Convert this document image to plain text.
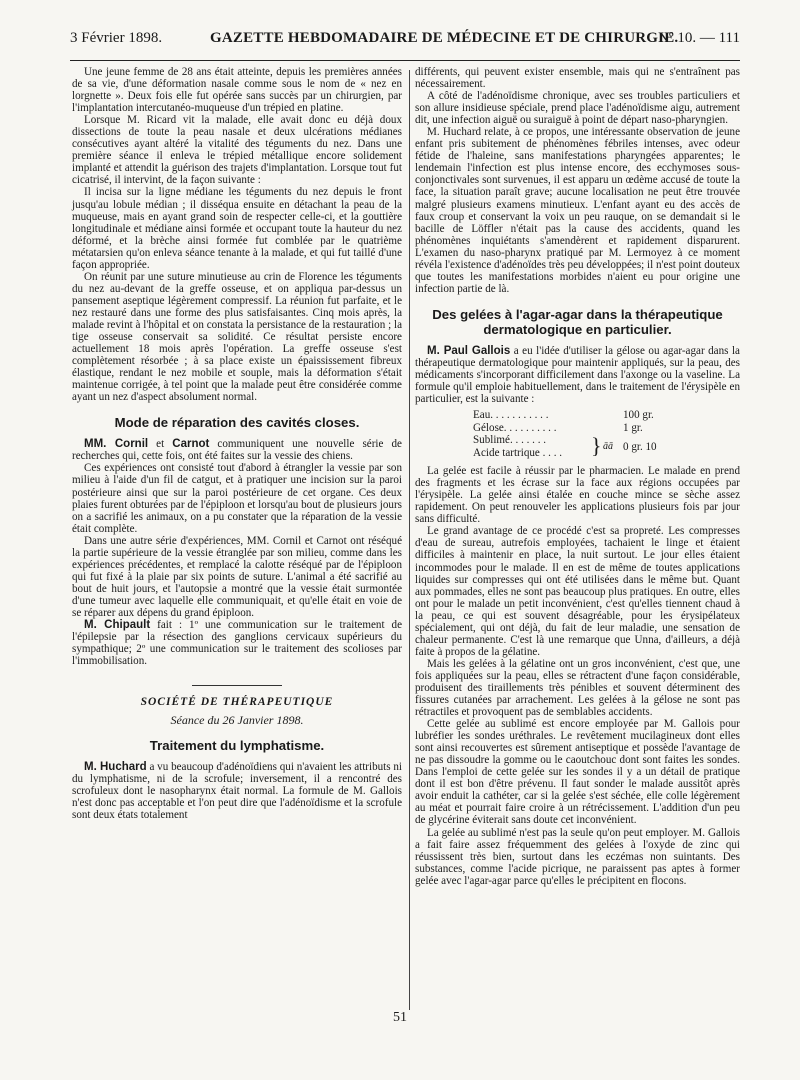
3 Février 1898.	GAZETTE HEBDOMADAIRE DE MÉDECINE ET DE CHIRURGIE.
Nº 10. — 111

Une jeune femme de 28 ans était atteinte, depuis les premières années de sa vie, d'une déformation nasale comme sous le nom de « nez en lorgnette ». Deux fois elle fut opérée sans succès par un chirurgien, par l'implantation intercutanéo-muqueuse d'un trépied en platine.

Lorsque M. Ricard vit la malade, elle avait donc eu déjà doux dissections de toute la peau nasale et deux ulcérations médianes consécutives ayant altéré la vitalité des téguments du nez. Dans une première séance il enleva le trépied métallique encore solidement implanté et attendit la guérison des trajets d'implantation. Lorsque tout fut cicatrisé, il intervint, de la façon suivante :

Il incisa sur la ligne médiane les téguments du nez depuis le front jusqu'au lobule médian ; il disséqua ensuite en détachant la peau de la muqueuse, mais en ayant grand soin de respecter celle-ci, et la gouttière longitudinale et médiane ainsi formée et occupant toute la hauteur du nez déformé, et la brèche ainsi formée fut comblée par le quatrième métatarsien qu'on enleva séance tenante à la malade, et qui fut taillé d'une façon appropriée.

On réunit par une suture minutieuse au crin de Florence les téguments du nez au-devant de la greffe osseuse, et on appliqua par-dessus un pansement aseptique légèrement compressif. La réunion fut parfaite, et le nez restauré dans une forme des plus satisfaisantes. Cinq mois après, la malade revint à l'hôpital et on constata la persistance de la restauration ; la tige osseuse conservait sa solidité. Ce résultat persiste encore actuellement 18 mois après l'opération. La greffe osseuse s'est complètement résorbée ; à sa place existe un épaississement fibreux élastique, rendant le nez mobile et souple, mais la déformation s'était maintenue corrigée, à tel point que la malade peut être considérée comme ayant un nez d'aspect absolument normal.

Mode de réparation des cavités closes.

MM. Cornil et Carnot communiquent une nouvelle série de recherches qui, cette fois, ont été faites sur la vessie des chiens.

Ces expériences ont consisté tout d'abord à étrangler la vessie par son milieu à l'aide d'un fil de catgut, et à pratiquer une incision sur la paroi postérieure ainsi que sur la paroi postérieure de cet organe. Ces deux plaies furent obturées par de l'épiploon et lorsqu'au bout de plusieurs jours on a sacrifié les animaux, on a pu constater que la réparation de la vessie était complète.

Dans une autre série d'expériences, MM. Cornil et Carnot ont réséqué la partie supérieure de la vessie étranglée par son milieu, comme dans les expériences précédentes, et remplacé la calotte réséqué par de l'épiploon qui fut fixé à la plaie par six points de suture. L'animal a été sacrifié au bout de huit jours, et l'autopsie a montré que la vessie était surmontée d'une tumeur avec laquelle elle communiquait, et qu'elle était en voie de se réparer aux dépens du grand épiploon.

M. Chipault fait : 1º une communication sur le traitement de l'épilepsie par la résection des ganglions cervicaux supérieurs du sympathique; 2º une communication sur le traitement des scolioses par l'immobilisation.

SOCIÉTÉ DE THÉRAPEUTIQUE
Séance du 26 Janvier 1898.
Traitement du lymphatisme.

M. Huchard a vu beaucoup d'adénoïdiens qui n'avaient les attributs ni du lymphatisme, ni de la scrofule; inversement, il a rencontré des scrofuleux dont le nasopharynx était normal. La formule de M. Gallois n'est donc pas acceptable et l'on peut dire que l'adénoïdisme et la scrofule sont deux états totalement

différents, qui peuvent exister ensemble, mais qui ne s'entraînent pas nécessairement.

A côté de l'adénoïdisme chronique, avec ses troubles particuliers et son allure insidieuse spéciale, prend place l'adénoïdisme aigu, autrement dit, une infection aiguë ou suraiguë à point de départ naso-pharyngien.

M. Huchard relate, à ce propos, une intéressante observation de jeune enfant pris subitement de phénomènes fébriles intenses, avec odeur fétide de l'haleine, sans manifestations pharyngées apparentes; le lendemain l'infection est plus intense encore, des ecchymoses sous-conjonctivales sont survenues, il est apparu un œdème accusé de toute la face, la situation paraît grave; aucune localisation ne peut être trouvée malgré plusieurs examens minutieux. L'enfant ayant eu des accès de faux croup et conservant la voix un peu rauque, on se demandait si le bacille de Löffler n'était pas la cause des accidents, quand les phénomènes inquiétants s'amendèrent et rapidement disparurent. L'examen du naso-pharynx pratiqué par M. Lermoyez à ce moment révéla l'existence d'adénoïdes très peu développées; il n'est point douteux que toutes les manifestations morbides n'aient eu pour origine une infection partie de là.

Des gelées à l'agar-agar dans la thérapeutique dermatologique en particulier.

M. Paul Gallois a eu l'idée d'utiliser la gélose ou agar-agar dans la thérapeutique dermatologique pour maintenir appliqués, sur la peau, des médicaments s'incorporant difficilement dans l'axonge ou la vaseline. La formule qu'il emploie habituellement, dans le traitement de l'érysipèle en particulier, est la suivante :

Eau. . . . . . . . . . .	100 gr.
Gélose. . . . . . . . . .	1 gr.
Sublimé. . . . . . .
Acide tartrique . . . .	0 gr. 10
} āā

La gelée est facile à réussir par le pharmacien. Le malade en prend des fragments et les écrase sur la face aux régions occupées par l'érysipèle. La gelée ainsi étalée en couche mince se sèche assez rapidement. On peut renouveler les applications plusieurs fois par jour sans difficulté.

Le grand avantage de ce procédé c'est sa propreté. Les compresses d'eau de sureau, autrefois employées, tachaient le linge et étaient difficiles à maintenir en place, la nuit surtout. Le jour elles étaient incommodes pour le malade. Il en est de même de toutes applications liquides sur compresses qui ont été utilisées dans le même but. Quant aux pommades, elles ne sont pas beaucoup plus pratiques. En outre, elles ont pour le malade un petit inconvénient, c'est qu'elles tiennent chaud à la peau, ce qui est souvent désagréable, pour les érysipélateux spécialement, qui ont déjà, du fait de leur maladie, une sensation de chaleur permanente. C'est là une remarque que Unna, d'ailleurs, a déjà faite à propos de la gélatine.

Mais les gelées à la gélatine ont un gros inconvénient, c'est que, une fois appliquées sur la peau, elles se rétractent d'une façon considérable, produisent des tiraillements très pénibles et souvent déterminent des fissures cutanées par arrachement. Les gelées à la gélose ne sont pas rétractiles et provoquent pas de semblables accidents.

Cette gelée au sublimé est encore employée par M. Gallois pour lubréfier les sondes uréthrales. Le revêtement mucilagineux dont elles sont ainsi recouvertes est sûrement antiseptique et possède l'avantage de ne pas dissoudre la gomme ou le caoutchouc dont sont faites les sondes. Dans l'emploi de cette gelée sur les sondes il y a un détail de pratique dont il est bon d'être prévenu. Il faut sonder le malade aussitôt après avoir enduit la cathéter, car si la gelée s'est séchée, elle colle légèrement au méat et pourrait faire croire à un rétrécissement. L'addition d'un peu de glycérine éviterait sans doute cet inconvénient.

La gelée au sublimé n'est pas la seule qu'on peut employer. M. Gallois a fait faire assez fréquemment des gelées à l'oxyde de zinc qui réussissent très bien, surtout dans les eczémas non suintants. Des substances, comme l'acide picrique, ne paraissent pas aptes à former gelée avec l'agar-agar parce qu'elles le précipitent en flocons.

51
